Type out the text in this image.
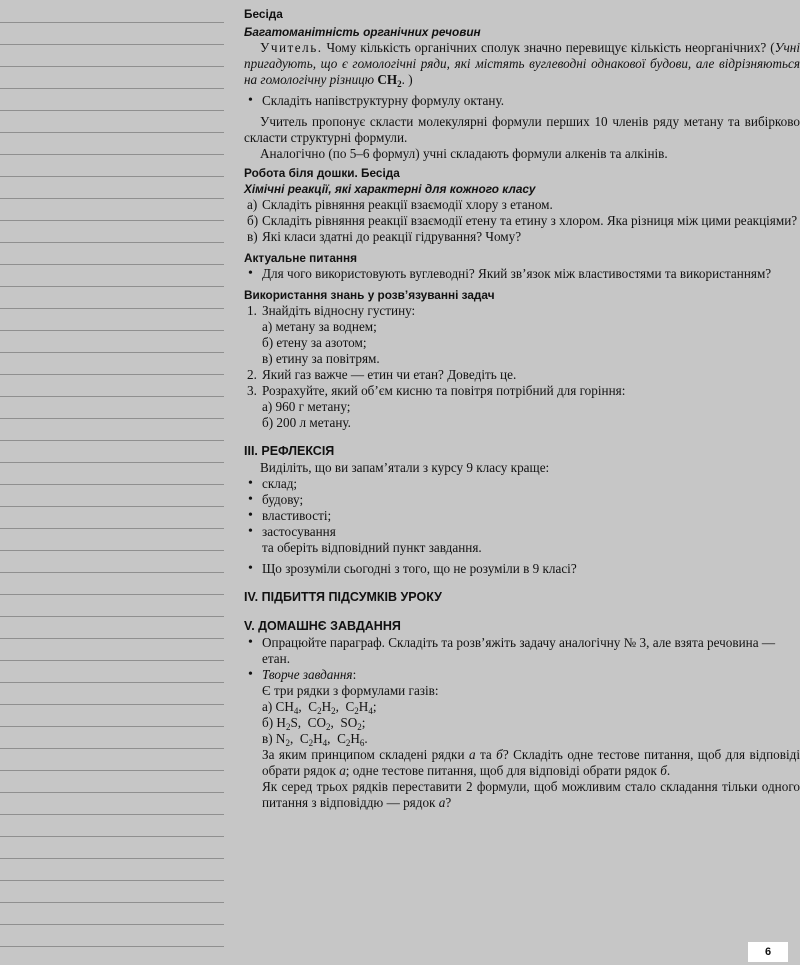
Бесіда
Багатоманітність органічних речовин

Учитель. Чому кількість органічних сполук значно перевищує кількість неорганічних? (Учні пригадують, що є гомологічні ряди, які містять вуглеводні однакової будови, але відрізняються на гомологічну різницю $CH_2$. )

• Складіть напівструктурну формулу октану.

Учитель пропонує скласти молекулярні формули перших 10 членів ряду метану та вибірково скласти структурні формули.

Аналогічно (по 5–6 формул) учні складають формули алкенів та алкінів.

Робота біля дошки. Бесіда
Хімічні реакції, які характерні для кожного класу
а) Складіть рівняння реакції взаємодії хлору з етаном.
б) Складіть рівняння реакції взаємодії етену та етину з хлором. Яка різниця між цими реакціями?
в) Які класи здатні до реакції гідрування? Чому?
Актуальне питання
• Для чого використовують вуглеводні? Який зв’язок між властивостями та використанням?
Використання знань у розв’язуванні задач
1. Знайдіть відносну густину:
а) метану за воднем;
б) етену за азотом;
в) етину за повітрям.
2. Який газ важче — етин чи етан? Доведіть це.
3. Розрахуйте, який об’єм кисню та повітря потрібний для горіння:
а) 960 г метану;
б) 200 л метану.
III. РЕФЛЕКСІЯ

Виділіть, що ви запам’ятали з курсу 9 класу краще:

• склад;
• будову;
• властивості;
• застосування
та оберіть відповідний пункт завдання.
• Що зрозуміли сьогодні з того, що не розуміли в 9 класі?
IV. ПІДБИТТЯ ПІДСУМКІВ УРОКУ
V. ДОМАШНЄ ЗАВДАННЯ
• Опрацюйте параграф. Складіть та розв’яжіть задачу аналогічну № 3, але взята речовина — етан.
• Творче завдання:
Є три рядки з формулами газів:
а) $CH_4$,  $C_2H_2$,  $C_2H_4$;
б) $H_2S$,  $CO_2$,  $SO_2$;
в) $N_2$,  $C_2H_4$,  $C_2H_6$.

За яким принципом складені рядки а та б? Складіть одне тестове питання, щоб для відповіді обрати рядок а; одне тестове питання, щоб для відповіді обрати рядок б.

Як серед трьох рядків переставити 2 формули, щоб можливим стало складання тільки одного питання з відповіддю — рядок а?

6
